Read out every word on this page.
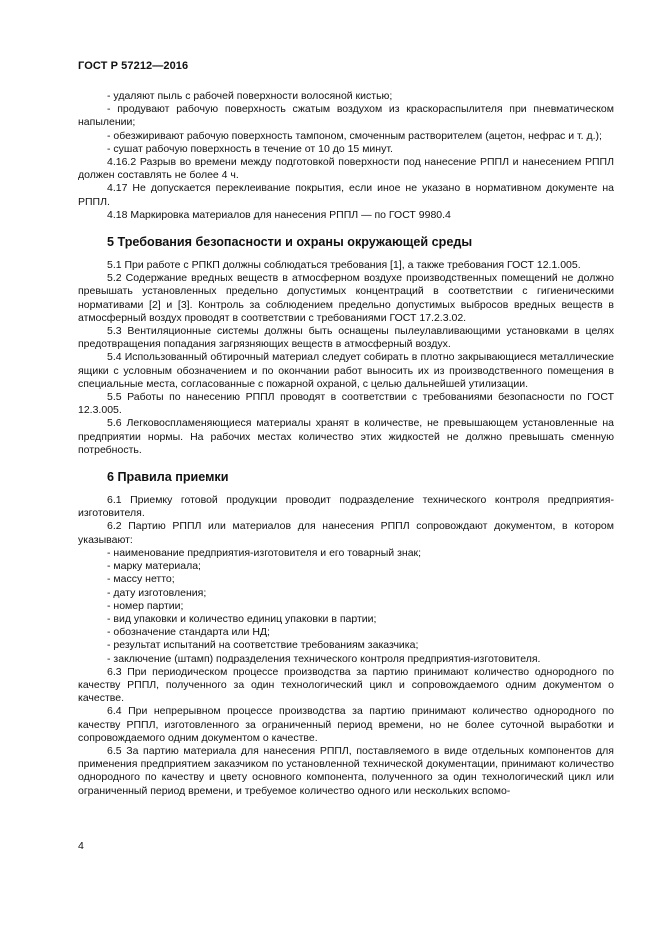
ГОСТ Р 57212—2016

- удаляют пыль с рабочей поверхности волосяной кистью;

- продувают рабочую поверхность сжатым воздухом из краскораспылителя при пневматическом напылении;

- обезжиривают рабочую поверхность тампоном, смоченным растворителем (ацетон, нефрас и т. д.);

- сушат рабочую поверхность в течение от 10 до 15 минут.

4.16.2 Разрыв во времени между подготовкой поверхности под нанесение РППЛ и нанесением РППЛ должен составлять не более 4 ч.

4.17 Не допускается переклеивание покрытия, если иное не указано в нормативном документе на РППЛ.

4.18 Маркировка материалов для нанесения РППЛ — по ГОСТ 9980.4

5 Требования безопасности и охраны окружающей среды

5.1 При работе с РПКП должны соблюдаться требования [1], а также требования ГОСТ 12.1.005.

5.2 Содержание вредных веществ в атмосферном воздухе производственных помещений не должно превышать установленных предельно допустимых концентраций в соответствии с гигиеническими нормативами [2] и [3]. Контроль за соблюдением предельно допустимых выбросов вредных веществ в атмосферный воздух проводят в соответствии с требованиями ГОСТ 17.2.3.02.

5.3 Вентиляционные системы должны быть оснащены пылеулавливающими установками в целях предотвращения попадания загрязняющих веществ в атмосферный воздух.

5.4 Использованный обтирочный материал следует собирать в плотно закрывающиеся металлические ящики с условным обозначением и по окончании работ выносить их из производственного помещения в специальные места, согласованные с пожарной охраной, с целью дальнейшей утилизации.

5.5 Работы по нанесению РППЛ проводят в соответствии с требованиями безопасности по ГОСТ 12.3.005.

5.6 Легковоспламеняющиеся материалы хранят в количестве, не превышающем установленные на предприятии нормы. На рабочих местах количество этих жидкостей не должно превышать сменную потребность.

6 Правила приемки

6.1 Приемку готовой продукции проводит подразделение технического контроля предприятия-изготовителя.

6.2 Партию РППЛ или материалов для нанесения РППЛ сопровождают документом, в котором указывают:

- наименование предприятия-изготовителя и его товарный знак;

- марку материала;

- массу нетто;

- дату изготовления;

- номер партии;

- вид упаковки и количество единиц упаковки в партии;

- обозначение стандарта или НД;

- результат испытаний на соответствие требованиям заказчика;

- заключение (штамп) подразделения технического контроля предприятия-изготовителя.

6.3 При периодическом процессе производства за партию принимают количество однородного по качеству РППЛ, полученного за один технологический цикл и сопровождаемого одним документом о качестве.

6.4 При непрерывном процессе производства за партию принимают количество однородного по качеству РППЛ, изготовленного за ограниченный период времени, но не более суточной выработки и сопровождаемого одним документом о качестве.

6.5 За партию материала для нанесения РППЛ, поставляемого в виде отдельных компонентов для применения предприятием заказчиком по установленной технической документации, принимают количество однородного по качеству и цвету основного компонента, полученного за один технологический цикл или ограниченный период времени, и требуемое количество одного или нескольких вспомо-

4
